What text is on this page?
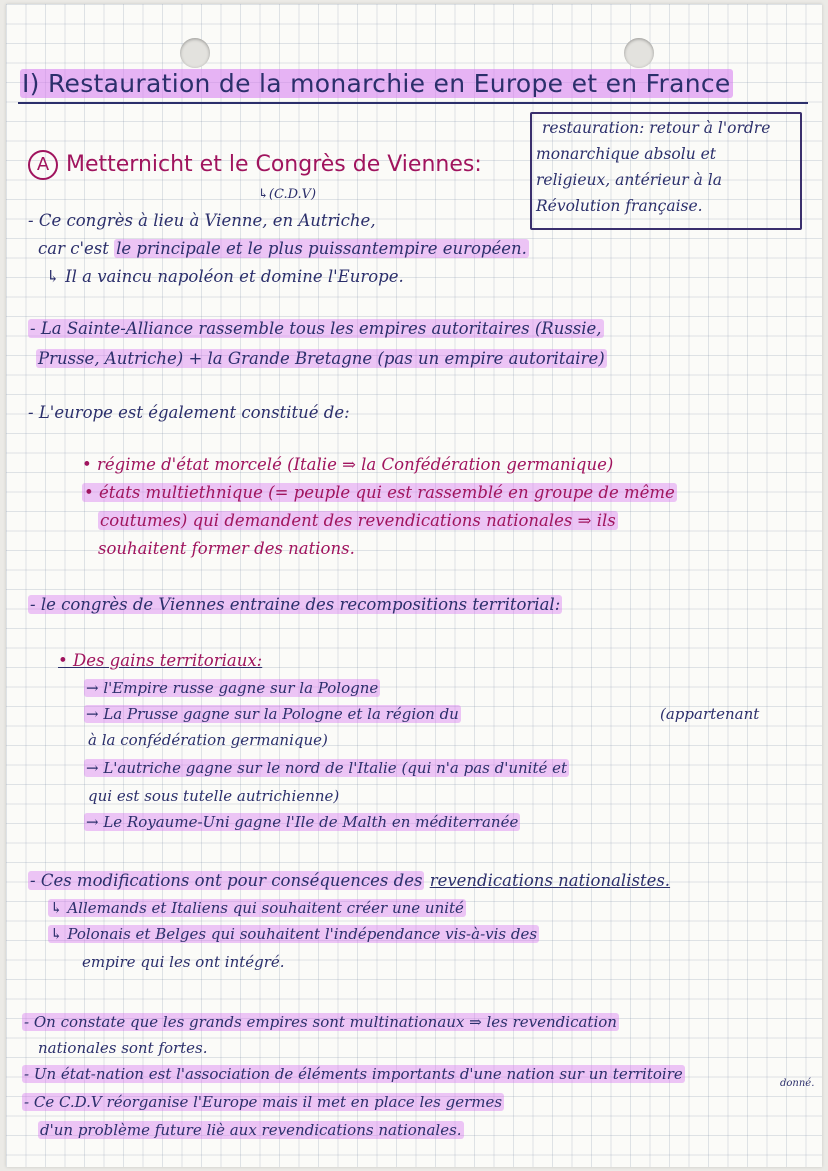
I) Restauration de la monarchie en Europe et en France
restauration: retour à l'ordre
monarchique absolu et
religieux, antérieur à la
Révolution française.
A Metternicht et le Congrès de Viennes:
↳(C.D.V)
- Ce congrès à lieu à Vienne, en Autriche,
car c'est le principale et le plus puissantempire européen.
↳ Il a vaincu napoléon et domine l'Europe.
- La Sainte-Alliance rassemble tous les empires autoritaires (Russie,
Prusse, Autriche) + la Grande Bretagne (pas un empire autoritaire)
- L'europe est également constitué de:
• régime d'état morcelé (Italie ⇒ la Confédération germanique)
• états multiethnique (= peuple qui est rassemblé en groupe de même
coutumes) qui demandent des revendications nationales ⇒ ils
souhaitent former des nations.
- le congrès de Viennes entraine des recompositions territorial:
• Des gains territoriaux:
→ l'Empire russe gagne sur la Pologne
→ La Prusse gagne sur la Pologne et la région du	(appartenant
à la confédération germanique)
→ L'autriche gagne sur le nord de l'Italie (qui n'a pas d'unité et
qui est sous tutelle autrichienne)
→ Le Royaume-Uni gagne l'Ile de Malth en méditerranée
- Ces modifications ont pour conséquences des revendications nationalistes.
↳ Allemands et Italiens qui souhaitent créer une unité
↳ Polonais et Belges qui souhaitent l'indépendance vis-à-vis des
empire qui les ont intégré.
- On constate que les grands empires sont multinationaux ⇒ les revendication
nationales sont fortes.
- Un état-nation est l'association de éléments importants d'une nation sur un territoire
donné.
- Ce C.D.V réorganise l'Europe mais il met en place les germes
d'un problème future liè aux revendications nationales.
